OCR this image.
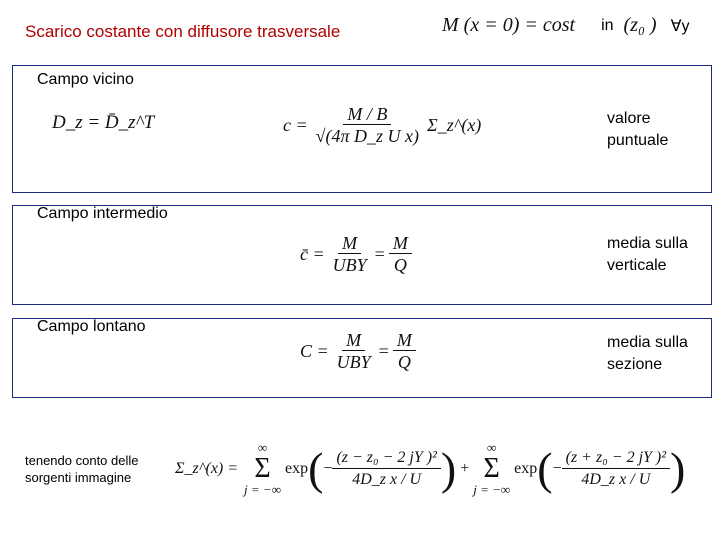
Scarico costante con diffusore trasversale	M (x = 0) = cost in (z₀ ) ∀y
Campo vicino
D_z = D̄_z^T	$c = \frac{M / B}{\text{√(4π D\_z U x)}}$ Σ_z^(x)	valore
puntuale
Campo intermedio
c̄ = $\frac{M}{\text{UBY}} = \frac{M}{Q}$	media sulla
verticale
Campo lontano
$C = \frac{M}{\text{UBY}} = \frac{M}{Q}$	media sulla
sezione
tenendo conto delle
sorgenti immagine
Σ_z^(x) =
∞
Σ
j = −∞
exp ( − $\frac{\text{(z − z₀ − 2 jY )²}}{\text{4D\_z x / U}}$ ) +
∞
Σ
j = −∞
exp ( − $\frac{\text{(z + z₀ − 2 jY )²}}{\text{4D\_z x / U}}$ )
